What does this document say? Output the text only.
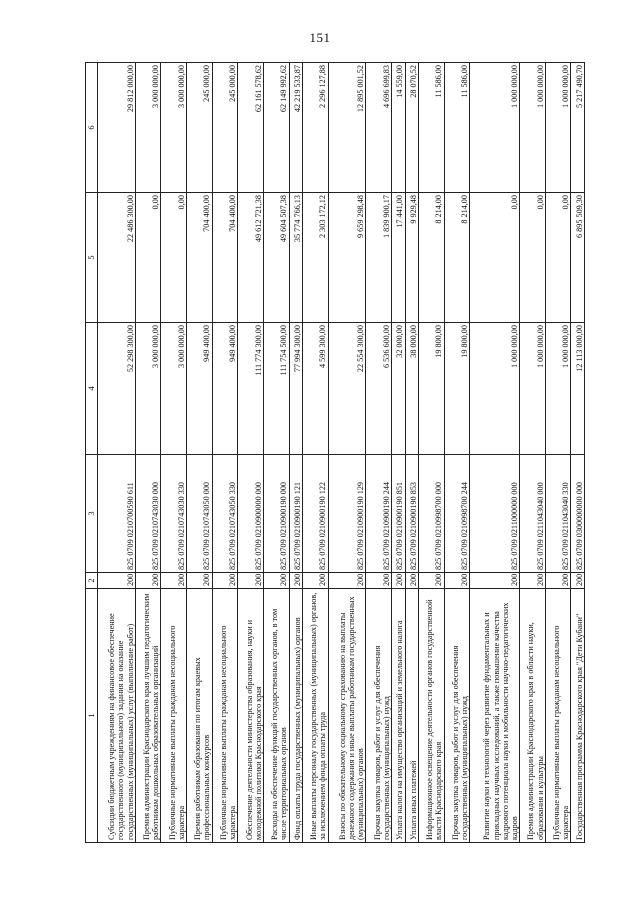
151
1	2	3	4	5	6
Субсидии бюджетным учреждениям на финансовое обеспечение государственного (муниципального) задания на оказание государственных (муниципальных) услуг (выполнение работ)	200	825 0709 0210700590 611	52 298 300,00	22 486 300,00	29 812 000,00
Премия администрации Краснодарского края лучшим педагогическим работникам дошкольных образовательных организаций	200	825 0709 0210743030 000	3 000 000,00	0,00	3 000 000,00
Публичные нормативные выплаты гражданам несоциального характера	200	825 0709 0210743030 330	3 000 000,00	0,00	3 000 000,00
Премия работникам образования по итогам краевых профессиональных конкурсов	200	825 0709 0210743050 000	949 400,00	704 400,00	245 000,00
Публичные нормативные выплаты гражданам несоциального характера	200	825 0709 0210743050 330	949 400,00	704 400,00	245 000,00
Обеспечение деятельности министерства образования, науки и молодежной политики Краснодарского края	200	825 0709 0210900000 000	111 774 300,00	49 612 721,38	62 161 578,62
Расходы на обеспечение функций государственных органов, в том числе территориальных органов	200	825 0709 0210900190 000	111 754 500,00	49 604 507,38	62 149 992,62
Фонд оплаты труда государственных (муниципальных) органов	200	825 0709 0210900190 121	77 994 300,00	35 774 766,13	42 219 533,87
Иные выплаты персоналу государственных (муниципальных) органов, за исключением фонда оплаты труда	200	825 0709 0210900190 122	4 599 300,00	2 303 172,12	2 296 127,88
Взносы по обязательному социальному страхованию на выплаты денежного содержания и иные выплаты работникам государственных (муниципальных) органов	200	825 0709 0210900190 129	22 554 300,00	9 659 298,48	12 895 001,52
Прочая закупка товаров, работ и услуг для обеспечения государственных (муниципальных) нужд	200	825 0709 0210900190 244	6 536 600,00	1 839 900,17	4 696 699,83
Уплата налога на имущество организаций и земельного налога	200	825 0709 0210900190 851	32 000,00	17 441,00	14 559,00
Уплата иных платежей	200	825 0709 0210900190 853	38 000,00	9 929,48	28 070,52
Информационное освещение деятельности органов государственной власти Краснодарского края	200	825 0709 0210998700 000	19 800,00	8 214,00	11 586,00
Прочая закупка товаров, работ и услуг для обеспечения государственных (муниципальных) нужд	200	825 0709 0210998700 244	19 800,00	8 214,00	11 586,00
Развитие науки и технологий через развитие фундаментальных и прикладных научных исследований, а также повышение качества кадрового потенциала науки и мобильности научно-педагогических кадров	200	825 0709 0211000000 000	1 000 000,00	0,00	1 000 000,00
Премия администрации Краснодарского края в области науки, образования и культуры	200	825 0709 0211043040 000	1 000 000,00	0,00	1 000 000,00
Публичные нормативные выплаты гражданам несоциального характера	200	825 0709 0211043040 330	1 000 000,00	0,00	1 000 000,00
Государственная программа Краснодарского края "Дети Кубани"	200	825 0709 0300000000 000	12 113 000,00	6 895 509,30	5 217 490,70
